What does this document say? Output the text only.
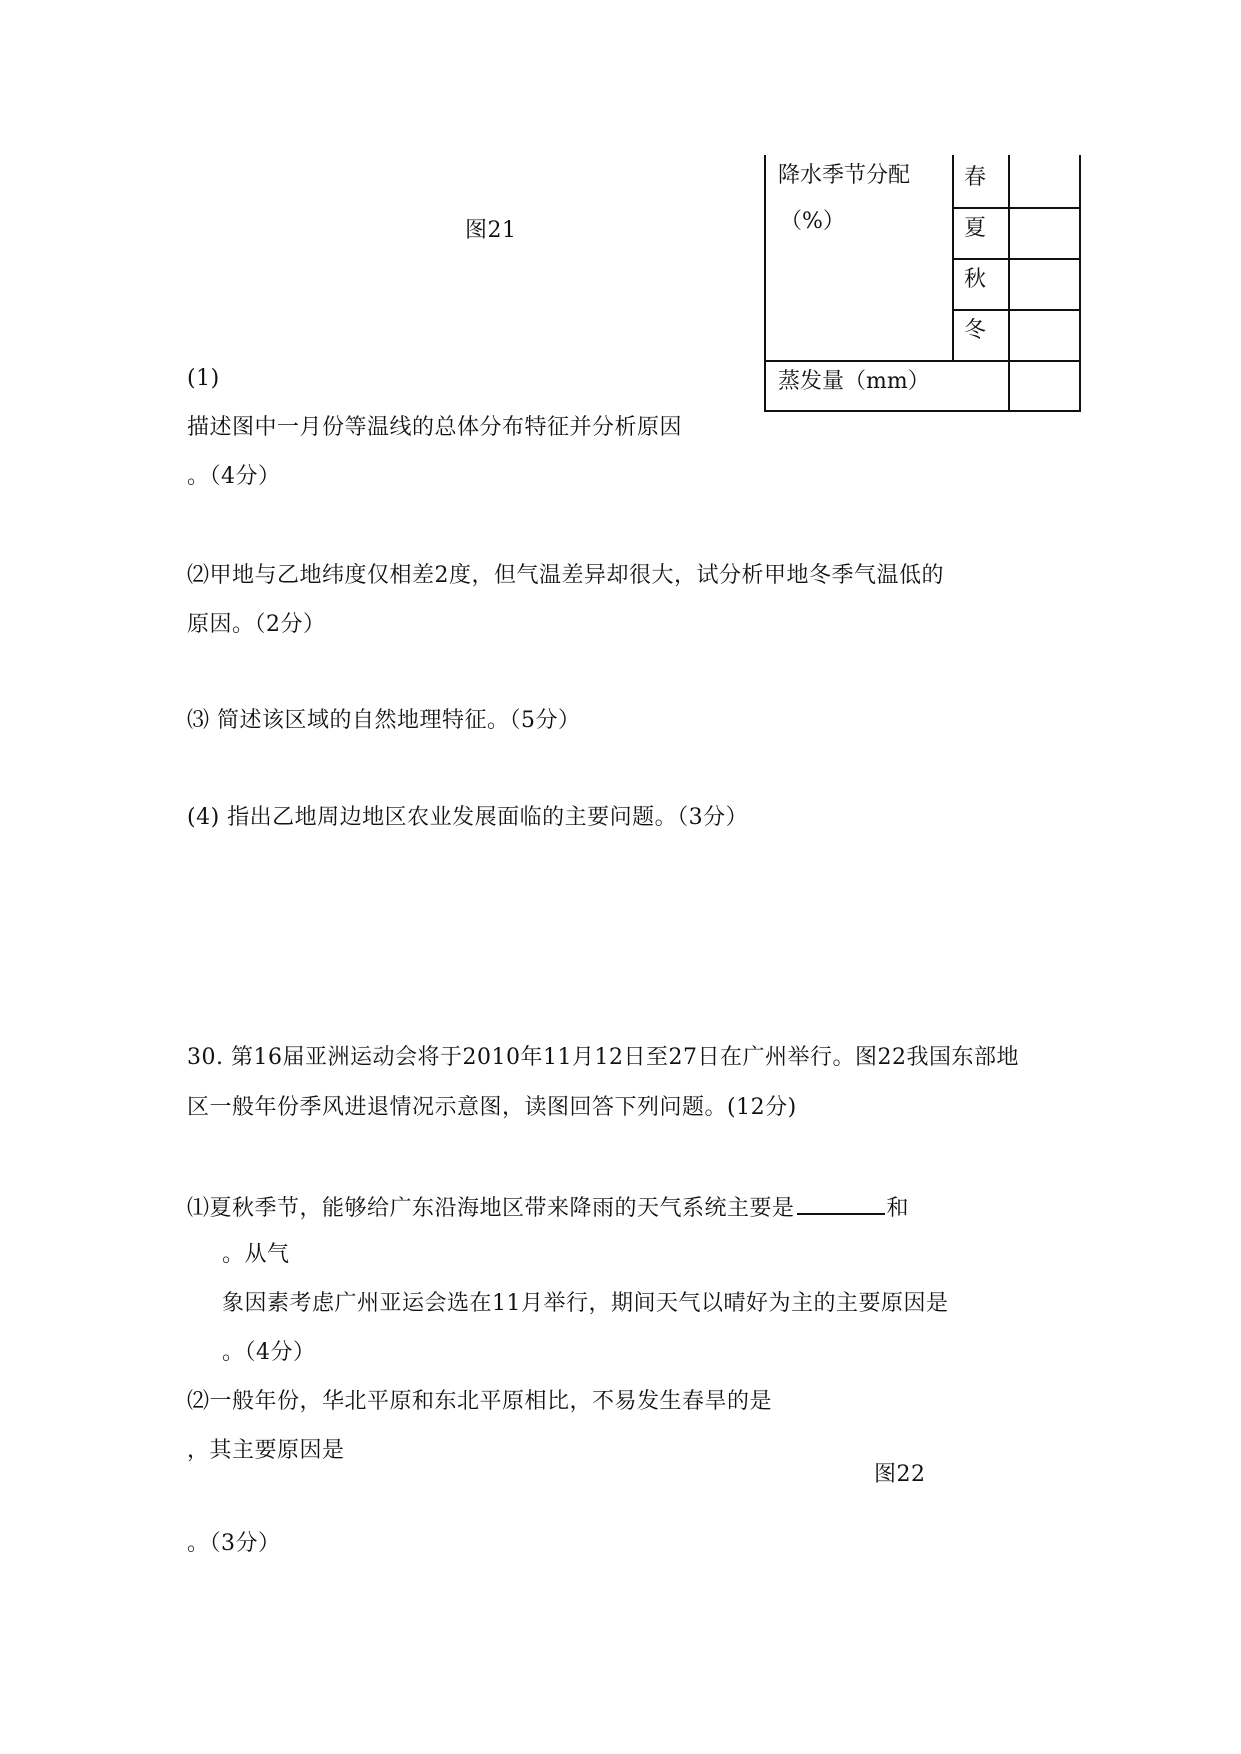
图21
降水季节分配
（%）
春
夏
秋
冬
蒸发量（mm）
(1)
描述图中一月份等温线的总体分布特征并分析原因
。（4分）
⑵甲地与乙地纬度仅相差2度，但气温差异却很大，试分析甲地冬季气温低的
原因。（2分）
⑶ 简述该区域的自然地理特征。（5分）
(4) 指出乙地周边地区农业发展面临的主要问题。（3分）
30. 第16届亚洲运动会将于2010年11月12日至27日在广州举行。图22我国东部地
区一般年份季风进退情况示意图，读图回答下列问题。(12分)
⑴夏秋季节，能够给广东沿海地区带来降雨的天气系统主要是	和
。从气
象因素考虑广州亚运会选在11月举行，期间天气以晴好为主的主要原因是
。（4分）
⑵一般年份，华北平原和东北平原相比，不易发生春旱的是
，其主要原因是
图22
。（3分）
